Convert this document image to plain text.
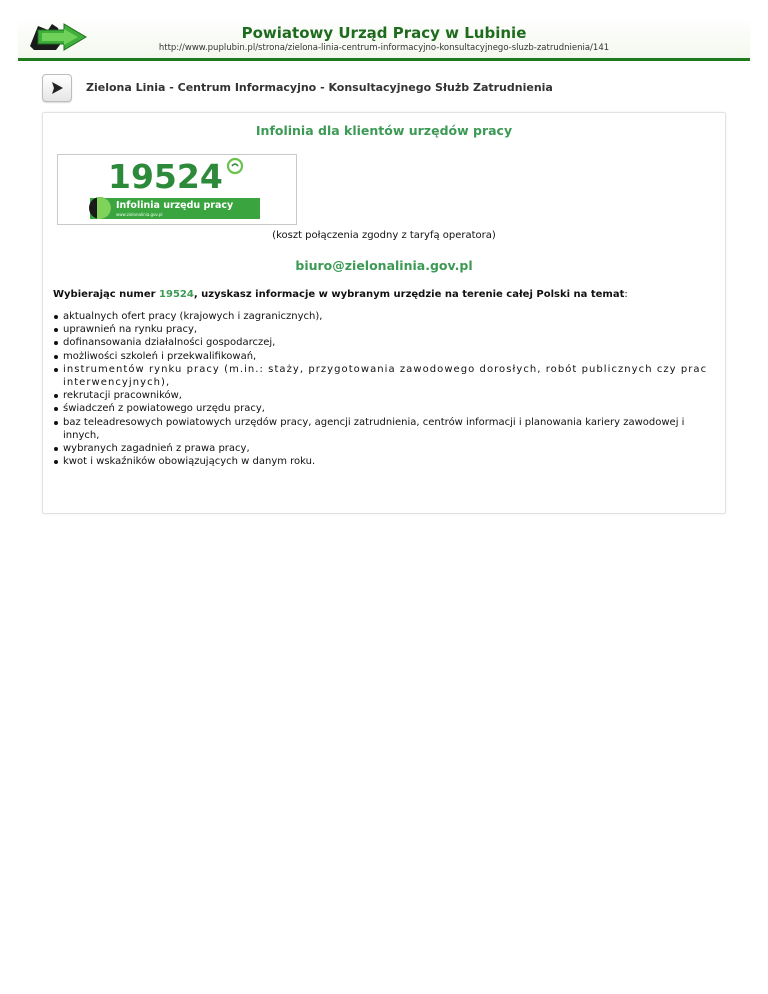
Powiatowy Urząd Pracy w Lubinie
http://www.puplubin.pl/strona/zielona-linia-centrum-informacyjno-konsultacyjnego-sluzb-zatrudnienia/141
Zielona Linia - Centrum Informacyjno - Konsultacyjnego Służb Zatrudnienia
Infolinia dla klientów urzędów pracy
19524
Infolinia urzędu pracy
www.zielonalinia.gov.pl
(koszt połączenia zgodny z taryfą operatora)
biuro@zielonalinia.gov.pl
Wybierając numer 19524, uzyskasz informacje w wybranym urzędzie na terenie całej Polski na temat:
aktualnych ofert pracy (krajowych i zagranicznych),
uprawnień na rynku pracy,
dofinansowania działalności gospodarczej,
możliwości szkoleń i przekwalifikowań,
instrumentów rynku pracy (m.in.: staży, przygotowania zawodowego dorosłych, robót publicznych czy prac interwencyjnych),
rekrutacji pracowników,
świadczeń z powiatowego urzędu pracy,
baz teleadresowych powiatowych urzędów pracy, agencji zatrudnienia, centrów informacji i planowania kariery zawodowej i innych,
wybranych zagadnień z prawa pracy,
kwot i wskaźników obowiązujących w danym roku.
